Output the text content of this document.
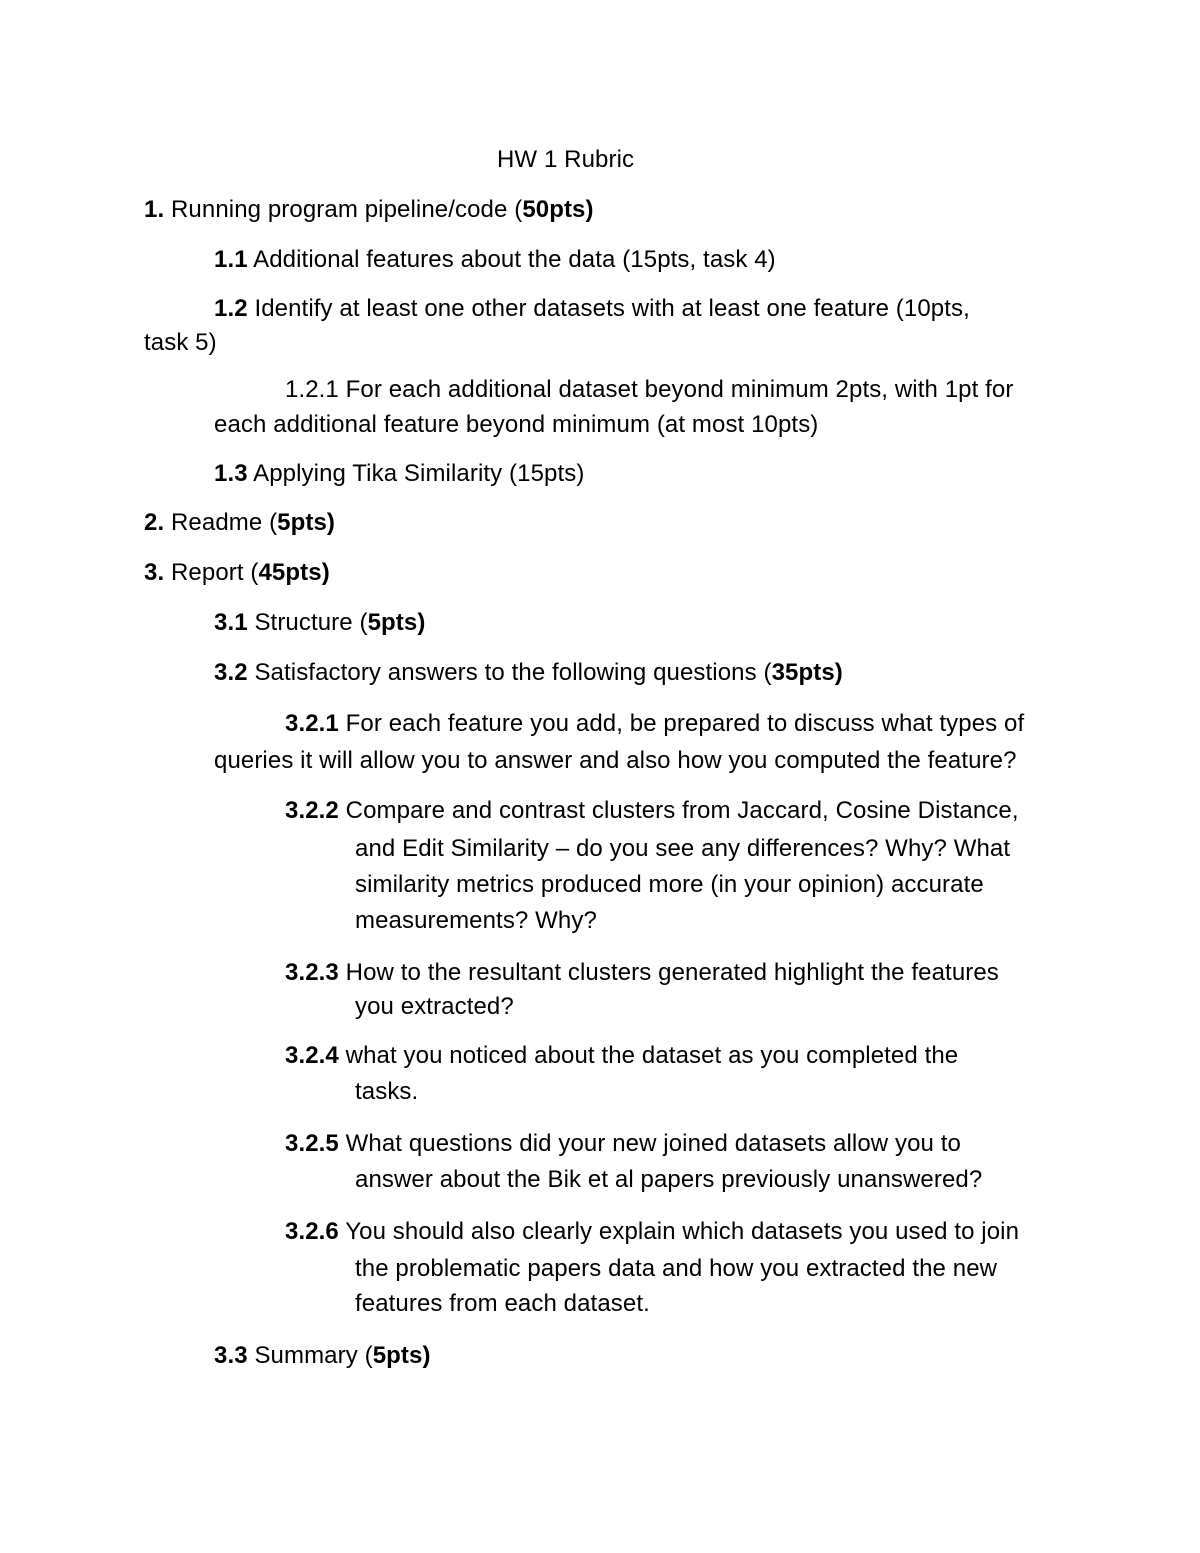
HW 1 Rubric
1. Running program pipeline/code (50pts)
1.1 Additional features about the data (15pts, task 4)
1.2 Identify at least one other datasets with at least one feature (10pts,
task 5)
1.2.1 For each additional dataset beyond minimum 2pts, with 1pt for
each additional feature beyond minimum (at most 10pts)
1.3 Applying Tika Similarity (15pts)
2. Readme (5pts)
3. Report (45pts)
3.1 Structure (5pts)
3.2 Satisfactory answers to the following questions (35pts)
3.2.1 For each feature you add, be prepared to discuss what types of
queries it will allow you to answer and also how you computed the feature?
3.2.2 Compare and contrast clusters from Jaccard, Cosine Distance,
and Edit Similarity – do you see any differences? Why? What
similarity metrics produced more (in your opinion) accurate
measurements? Why?
3.2.3 How to the resultant clusters generated highlight the features
you extracted?
3.2.4 what you noticed about the dataset as you completed the
tasks.
3.2.5 What questions did your new joined datasets allow you to
answer about the Bik et al papers previously unanswered?
3.2.6 You should also clearly explain which datasets you used to join
the problematic papers data and how you extracted the new
features from each dataset.
3.3 Summary (5pts)
